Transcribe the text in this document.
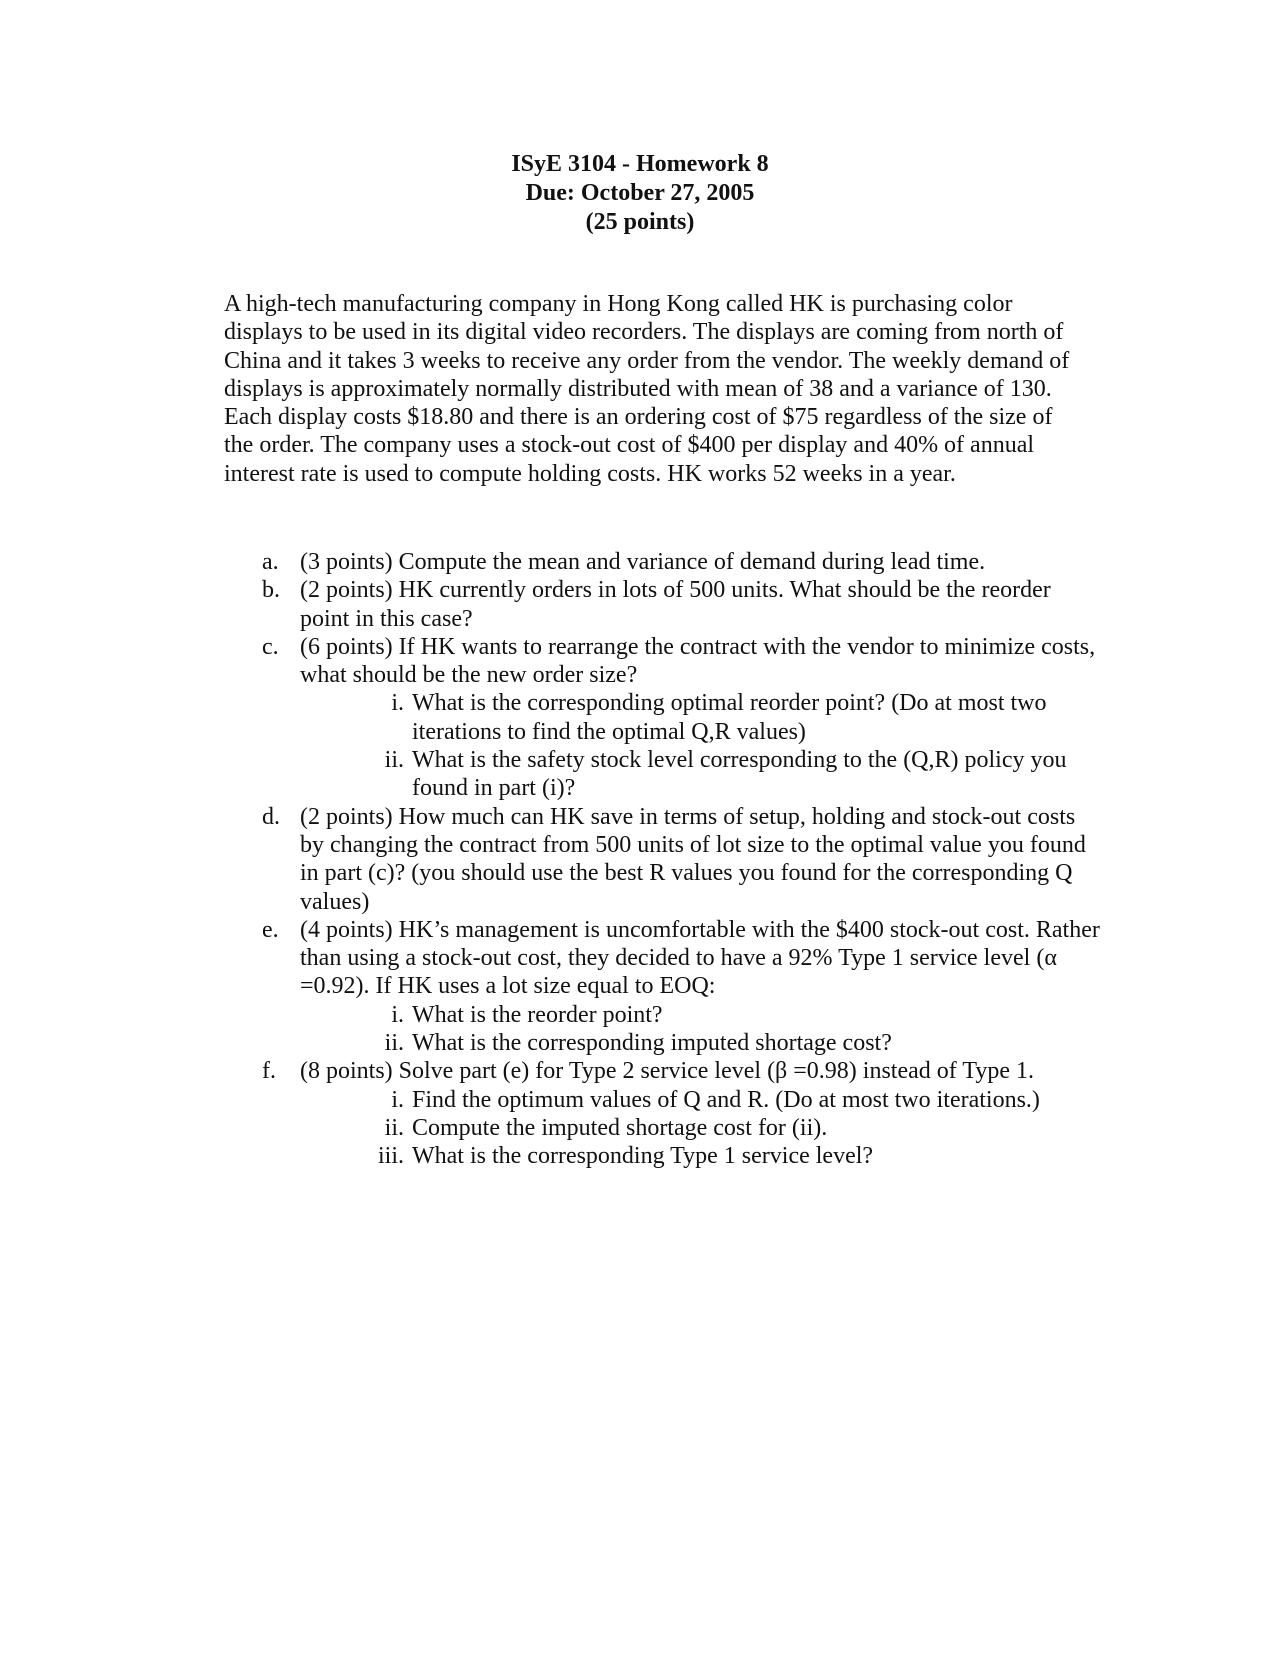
ISyE 3104 - Homework 8
Due: October 27, 2005
(25 points)

A high-tech manufacturing company in Hong Kong called HK is purchasing color displays to be used in its digital video recorders. The displays are coming from north of China and it takes 3 weeks to receive any order from the vendor. The weekly demand of displays is approximately normally distributed with mean of 38 and a variance of 130. Each display costs $18.80 and there is an ordering cost of $75 regardless of the size of the order. The company uses a stock-out cost of $400 per display and 40% of annual interest rate is used to compute holding costs. HK works 52 weeks in a year.

a. (3 points) Compute the mean and variance of demand during lead time.
b. (2 points) HK currently orders in lots of 500 units. What should be the reorder point in this case?
c. (6 points) If HK wants to rearrange the contract with the vendor to minimize costs, what should be the new order size?
i. What is the corresponding optimal reorder point? (Do at most two iterations to find the optimal Q,R values)
ii. What is the safety stock level corresponding to the (Q,R) policy you found in part (i)?
d. (2 points) How much can HK save in terms of setup, holding and stock-out costs by changing the contract from 500 units of lot size to the optimal value you found in part (c)? (you should use the best R values you found for the corresponding Q values)
e. (4 points) HK’s management is uncomfortable with the $400 stock-out cost. Rather than using a stock-out cost, they decided to have a 92% Type 1 service level (α =0.92). If HK uses a lot size equal to EOQ:
i. What is the reorder point?
ii. What is the corresponding imputed shortage cost?
f.	(8 points) Solve part (e) for Type 2 service level (β =0.98) instead of Type 1.
i. Find the optimum values of Q and R. (Do at most two iterations.)
ii. Compute the imputed shortage cost for (ii).
iii. What is the corresponding Type 1 service level?
